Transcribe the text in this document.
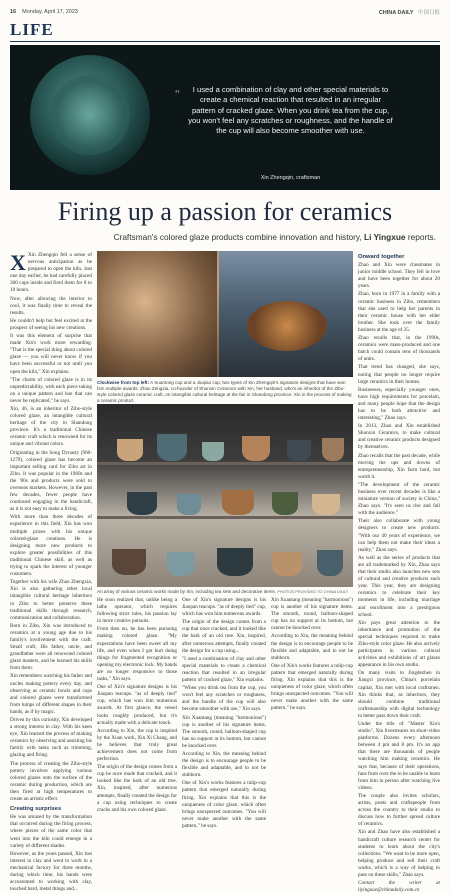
16 Monday, April 17, 2023	CHINA DAILY 中国日报
LIFE
“	I used a combination of clay and other special materials to create a chemical reaction that resulted in an irregular pattern of cracked glaze. When you drink tea from the cup, you won't feel any scratches or roughness, and the handle of the cup will also become smoother with use.
Xin Zhengqin, craftsman
Firing up a passion for ceramics
Craftsman's colored glaze products combine innovation and history, Li Yingxue reports.

X Xin Zhengqin felt a sense of nervous anticipation as he prepared to open the kiln. Just one day earlier, he had carefully placed 300 cups inside and fired them for 8 to 10 hours.

Now, after allowing the interior to cool, it was finally time to reveal the results.

He couldn't help but feel excited at the prospect of seeing his new creations.

It was this element of surprise that made Xin's work more rewarding. "That is the special thing about colored glaze — you will never know if you have been successful or not until you open the kiln," Xin explains.

"The charm of colored glaze is in its unpredictability, with each piece taking on a unique pattern and hue that can never be replicated," he says.

Xin, 46, is an inheritor of Zibo-style colored glaze, an intangible cultural heritage of the city in Shandong province. It's a traditional Chinese ceramic craft which is renowned for its unique and vibrant colors.

Originating in the Song Dynasty (960-1279), colored glaze has become an important selling card for Zibo art in Zibo. It was popular in the 1960s and the '80s and products were sold to overseas markets. However, in the past few decades, fewer people have continued engaging in the handicraft, as it is not easy to make a living.

With more than three decades of experience in this field, Xin has won multiple prizes with his unique colored-glaze creations. He is designing more new products to explore greater possibilities of this traditional Chinese skill, as well as trying to spark the interest of younger customers.

Together with his wife Zhao Zhengxia, Xin is also gathering other local intangible cultural heritage inheritors in Zibo to better preserve these traditional skills through research, communication and collaboration.

Born in Zibo, Xin was introduced to ceramics at a young age due to his family's involvement with the craft. Small craft, His father, uncle, and grandfather were all renowned colored glaze masters, and he learned his skills from them.

Xin remembers watching his father and uncles making pottery every day, and observing as ceramic bowls and cups and colored glazes were transformed from lumps of different shapes in their hands, as if by magic.

Driven by this curiosity, Xin developed a strong interest in clay. With his keen eye, Xin learned the process of making ceramics by observing and assisting his family with tasks such as trimming, glazing and firing.

The process of creating the Zibo-style pottery involves applying various colored glazes onto the surface of the ceramic during production, which are then fired at high temperatures to create an artistic effect.

Creating surprises

He was amazed by the transformation that occurred during the firing process, where pieces of the same color that went into the kiln could emerge in a variety of different shades.

However, as the years passed, Xin lost interest in clay and went to work in a mechanical factory for three months, during which time, his hands were accustomed to working with clay, touched hard, metal things and...

Clockwise from top left: A Xuantong cup and a Jiuqiao cup, two types of Xin Zhengqin's signature designs that have won him multiple awards. Zhao Zengxia, co-founder of Shunxin Ceramics with Xin, her husband, who's an inheritor of the Zibo-style colored glaze ceramic craft, on intangible cultural heritage at the fair in Shandong province. Xin in the process of making a ceramic product.
An array of various ceramic works made by Xin, including tea sets and decorative items. PHOTOS PROVIDED TO CHINA DAILY

He soon realized that, unlike being a lathe operator, which requires following strict rules, his passion lay in more creative pursuits.

From then on, he has been pursuing making colored glaze. "My expectations have been sweet all my life, and even when I got hurt doing things for fragmented recognition or opening my electronic lock. My hands are no longer responsive to those tasks," Xin says.

One of Xin's signature designs is his Jiaopan teacups. "as of deeply tied" cup, which has won him numerous awards. At first glance, the vessel looks roughly produced, but it's actually made with a delicate touch.

According to Xin, the cup is inspired by the Xuan work, Xin Xi Chang, and he believes that truly great achievement does not come from perfection.

The origin of the design comes from a cup he once made that cracked, and it looked like the bark of an old tree. Xin, inspired, after numerous attempts, finally created the design for a cup using techniques to create cracks and his own colored glaze.

One of Xin's signature designs is his Jiaopan teacups. "as of deeply tied" cup, which has won him numerous awards.

The origin of the design comes from a cup that once cracked, and it looked like the bark of an old tree. Xin, inspired, after numerous attempts, finally created the design for a cup using...

"I used a combination of clay and other special materials to create a chemical reaction that resulted in an irregular pattern of cracked glaze," Xin explains.

"When you drink tea from the cup, you won't feel any scratches or roughness, and the handle of the cup will also become smoother with use," Xin says.

Xin Xuantang (meaning "harmonious") cup is another of his signature items. The smooth, round, balloon-shaped cup has no support at its bottom, but cannot be knocked over.

According to Xin, the meaning behind the design is to encourage people to be flexible and adaptable, and to not be stubborn.

One of Xin's works features a tulip-cup pattern that emerged naturally during firing. Xin explains that this is the uniqueness of color glaze, which often brings unexpected outcomes. "You will never make another with the same pattern," he says.

Xin Xuantang (meaning "harmonious") cup is another of his signature items. The smooth, round, balloon-shaped cup has no support at its bottom, but cannot be knocked over.

According to Xin, the meaning behind the design is to encourage people to be flexible and adaptable, and to not be stubborn.

One of Xin's works features a tulip-cup pattern that emerged naturally during firing. Xin explains that this is the uniqueness of color glaze, which often brings unexpected outcomes. "You will never make another with the same pattern," he says.

Onward together

Zhao and Xin were classmates in junior middle school. They fell in love and have been together for about 20 years.

Zhao, born in 1977 in a family with a ceramic business in Zibo, remembers that she used to help her parents in their ceramic house with her elder brother. She took over the family business at the age of 25.

Zhao recalls that, in the 1990s, ceramics were mass-produced and one batch could contain tens of thousands of units.

That trend has changed, she says, noting that people no longer require large ceramics in their homes.

Businesses, especially younger ones, have high requirements for porcelain, and many people hope that the design has to be both attractive and interesting," Zhao says.

In 2013, Zhao and Xin established Shunxin Ceramics, to make cultural and creative ceramic products designed by themselves.

Zhao recalls that the past decade, while moving the ups and downs of entrepreneurship, Xin farm hard, but worth it.

"The development of the ceramic business over recent decades is like a miniature version of society in China," Zhao says. "It's seen us rise and fall with the audience."

Their also collaborate with young designers to create new products. "With our 40 years of experience, we can help them not make their ideas a reality," Zhao says.

As well as the series of products that are all trademarked by Xin, Zhao says that their studio also launches new sets of cultural and creative products each year. This year, they are designing ceramics to celebrate their key moments in life, including marriage and enrollment into a prestigious school.

Xin pays great attention to the inheritance and promotion of the special techniques required to make Zibo-style color glaze. He also actively participates in various cultural activities and exhibitions of art glazes appearance in his own studio.

On many visits to Jingdezhen in Jiangxi province, China's porcelain capital, Xin met with local craftsmen. Xin thinks that, as inheritors, they should combine traditional craftsmanship with digital technology to better pass down their craft.

Under the title of "Master Xin's studio", Xin livestreams on short-video platforms. Dozens every afternoon between 4 pm and 8 pm. It's an app that there are thousands of people watching him making ceramics. He says that, because of their operations, fans from over the to be unable to learn from him in person after watching live videos.

The couple also invites scholars, artists, poets and craftspeople from across the country to their studio to discuss how to further spread culture of ceramics.

Xin and Zhao have also established a handicraft culture research center for students to learn about the city's collections. "We want to be more open, helping produce and sell their craft works, which is a way of helping to pass on these skills," Zhao says.

Contact the writer at liyingxue@chinadaily.com.cn
